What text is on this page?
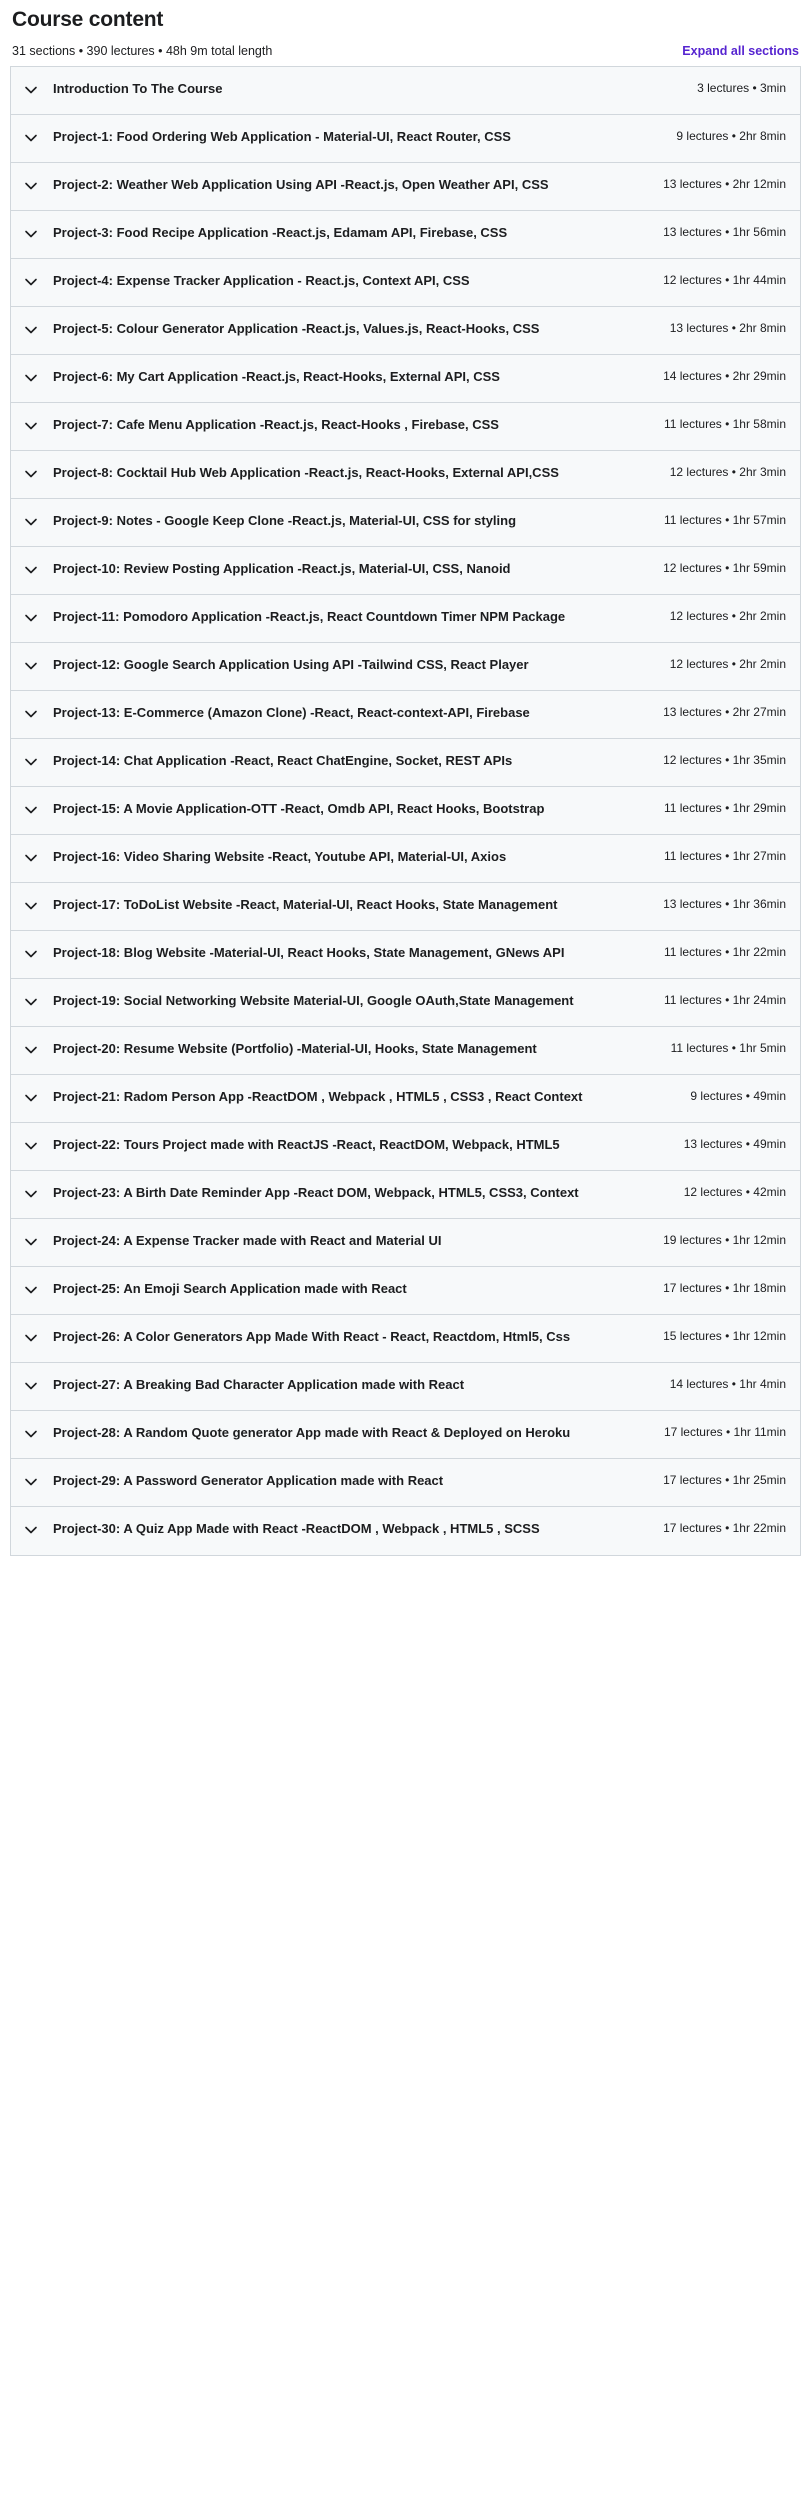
Course content
31 sections • 390 lectures • 48h 9m total length	Expand all sections
Introduction To The Course	3 lectures • 3min
Project-1: Food Ordering Web Application - Material-UI, React Router, CSS	9 lectures • 2hr 8min
Project-2: Weather Web Application Using API -React.js, Open Weather API, CSS	13 lectures • 2hr 12min
Project-3: Food Recipe Application -React.js, Edamam API, Firebase, CSS	13 lectures • 1hr 56min
Project-4: Expense Tracker Application - React.js, Context API, CSS	12 lectures • 1hr 44min
Project-5: Colour Generator Application -React.js, Values.js, React-Hooks, CSS	13 lectures • 2hr 8min
Project-6: My Cart Application -React.js, React-Hooks, External API, CSS	14 lectures • 2hr 29min
Project-7: Cafe Menu Application -React.js, React-Hooks , Firebase, CSS	11 lectures • 1hr 58min
Project-8: Cocktail Hub Web Application -React.js, React-Hooks, External API,CSS	12 lectures • 2hr 3min
Project-9: Notes - Google Keep Clone -React.js, Material-UI, CSS for styling	11 lectures • 1hr 57min
Project-10: Review Posting Application -React.js, Material-UI, CSS, Nanoid	12 lectures • 1hr 59min
Project-11: Pomodoro Application -React.js, React Countdown Timer NPM Package	12 lectures • 2hr 2min
Project-12: Google Search Application Using API -Tailwind CSS, React Player	12 lectures • 2hr 2min
Project-13: E-Commerce (Amazon Clone) -React, React-context-API, Firebase	13 lectures • 2hr 27min
Project-14: Chat Application -React, React ChatEngine, Socket, REST APIs	12 lectures • 1hr 35min
Project-15: A Movie Application-OTT -React, Omdb API, React Hooks, Bootstrap	11 lectures • 1hr 29min
Project-16: Video Sharing Website -React, Youtube API, Material-UI, Axios	11 lectures • 1hr 27min
Project-17: ToDoList Website -React, Material-UI, React Hooks, State Management	13 lectures • 1hr 36min
Project-18: Blog Website -Material-UI, React Hooks, State Management, GNews API	11 lectures • 1hr 22min
Project-19: Social Networking Website Material-UI, Google OAuth,State Management	11 lectures • 1hr 24min
Project-20: Resume Website (Portfolio) -Material-UI, Hooks, State Management	11 lectures • 1hr 5min
Project-21: Radom Person App -ReactDOM , Webpack , HTML5 , CSS3 , React Context	9 lectures • 49min
Project-22: Tours Project made with ReactJS -React, ReactDOM, Webpack, HTML5	13 lectures • 49min
Project-23: A Birth Date Reminder App -React DOM, Webpack, HTML5, CSS3, Context	12 lectures • 42min
Project-24: A Expense Tracker made with React and Material UI	19 lectures • 1hr 12min
Project-25: An Emoji Search Application made with React	17 lectures • 1hr 18min
Project-26: A Color Generators App Made With React - React, Reactdom, Html5, Css	15 lectures • 1hr 12min
Project-27: A Breaking Bad Character Application made with React	14 lectures • 1hr 4min
Project-28: A Random Quote generator App made with React & Deployed on Heroku	17 lectures • 1hr 11min
Project-29: A Password Generator Application made with React	17 lectures • 1hr 25min
Project-30: A Quiz App Made with React -ReactDOM , Webpack , HTML5 , SCSS	17 lectures • 1hr 22min
